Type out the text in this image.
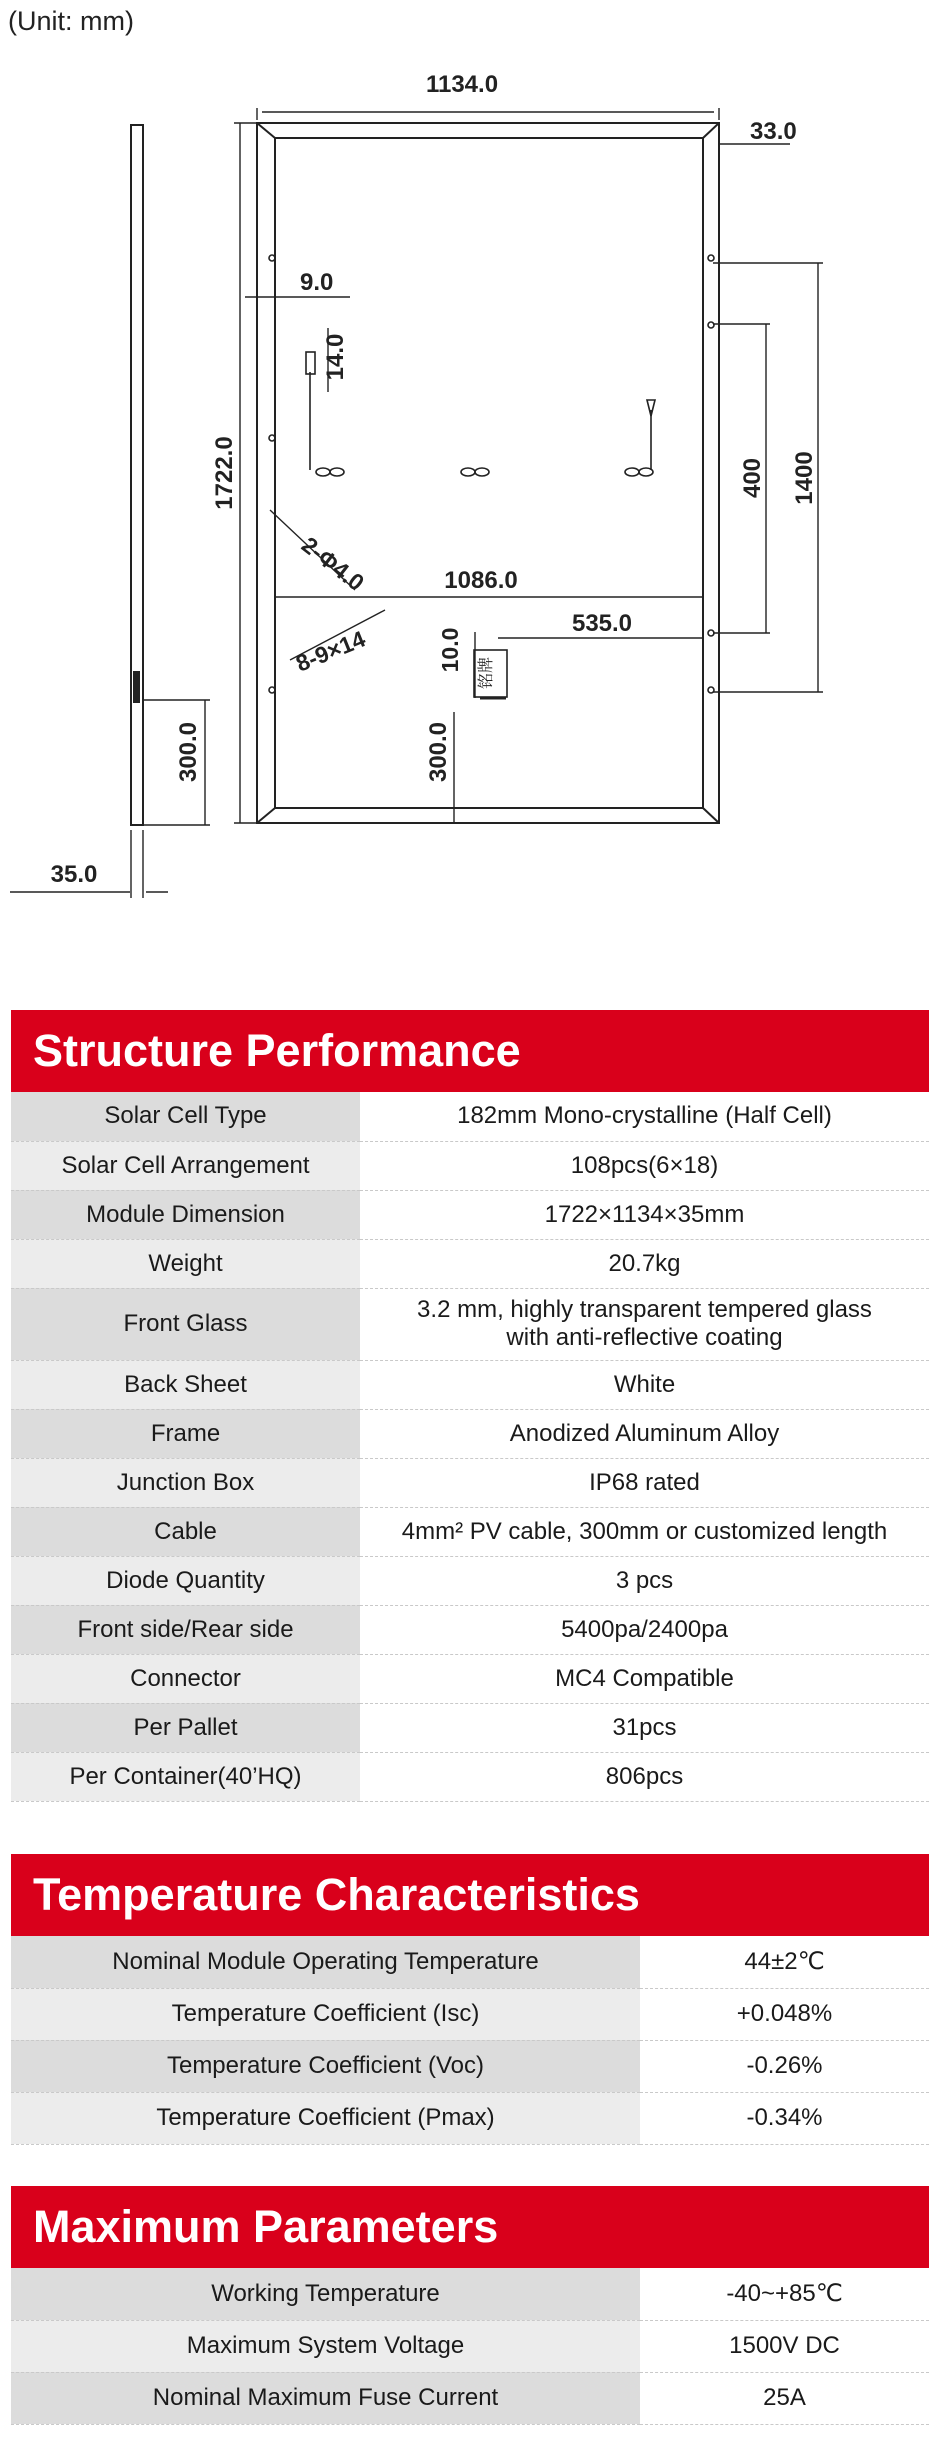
(Unit: mm)
1134.0
33.0
1722.0
9.0
14.0
400 1400
2-Φ4.0	1086.0
8-9×14
535.0
10.0
300.0	300.0
35.0
铭牌
Structure Performance
Solar Cell Type	182mm Mono-crystalline (Half Cell)
Solar Cell Arrangement	108pcs(6×18)
Module Dimension	1722×1134×35mm
Weight	20.7kg
Front Glass	3.2 mm, highly transparent tempered glass
with anti-reflective coating

Back Sheet	White
Frame	Anodized Aluminum Alloy
Junction Box	IP68 rated
Cable	4mm² PV cable, 300mm or customized length
Diode Quantity	3 pcs
Front side/Rear side	5400pa/2400pa
Connector	MC4 Compatible
Per Pallet	31pcs
Per Container(40’HQ)	806pcs
Temperature Characteristics
Nominal Module Operating Temperature	44±2℃
Temperature Coefficient (Isc)	+0.048%
Temperature Coefficient (Voc)	-0.26%
Temperature Coefficient (Pmax)	-0.34%
Maximum Parameters
Working Temperature	-40~+85℃
Maximum System Voltage	1500V DC
Nominal Maximum Fuse Current	25A
